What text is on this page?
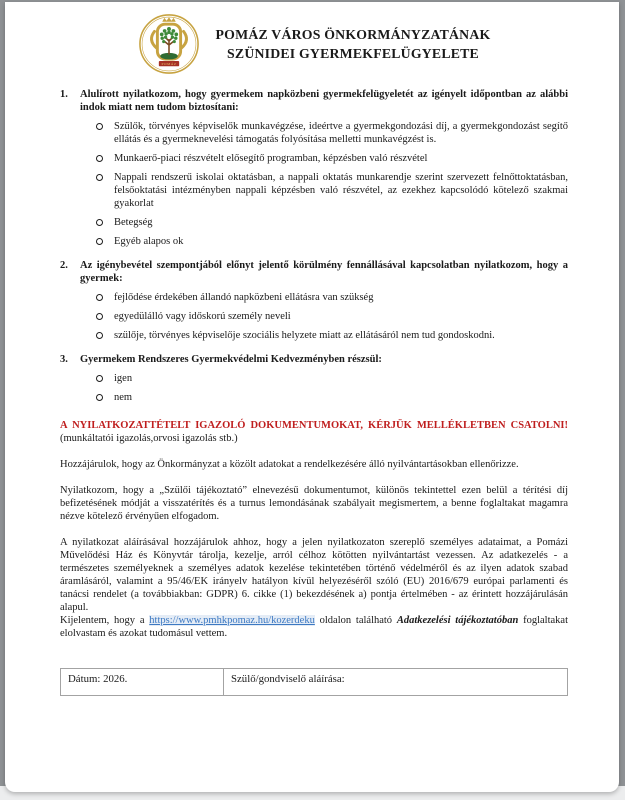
POMÁZ
POMÁZ VÁROS ÖNKORMÁNYZATÁNAK
SZÜNIDEI GYERMEKFELÜGYELETE
1.	Alulírott nyilatkozom, hogy gyermekem napközbeni gyermekfelügyeletét az igényelt időpontban az alábbi indok miatt nem tudom biztosítani:
Szülők, törvényes képviselők munkavégzése, ideértve a gyermekgondozási díj, a gyermekgondozást segítő ellátás és a gyermeknevelési támogatás folyósítása melletti munkavégzést is.
Munkaerő-piaci részvételt elősegítő programban, képzésben való részvétel
Nappali rendszerű iskolai oktatásban, a nappali oktatás munkarendje szerint szervezett felnőttoktatásban, felsőoktatási intézményben nappali képzésben való részvétel, az ezekhez kapcsolódó kötelező szakmai gyakorlat
Betegség
Egyéb alapos ok
2.	Az igénybevétel szempontjából előnyt jelentő körülmény fennállásával kapcsolatban nyilatkozom, hogy a gyermek:
fejlődése érdekében állandó napközbeni ellátásra van szükség
egyedülálló vagy időskorú személy neveli
szülője, törvényes képviselője szociális helyzete miatt az ellátásáról nem tud gondoskodni.
3.	Gyermekem Rendszeres Gyermekvédelmi Kedvezményben részsül:
igen
nem

A NYILATKOZATTÉTELT IGAZOLÓ DOKUMENTUMOKAT, KÉRJÜK MELLÉKLETBEN CSATOLNI! (munkáltatói igazolás,orvosi igazolás stb.)

Hozzájárulok, hogy az Önkormányzat a közölt adatokat a rendelkezésére álló nyilvántartásokban ellenőrizze.

Nyilatkozom, hogy a „Szülői tájékoztató” elnevezésű dokumentumot, különös tekintettel ezen belül a térítési díj befizetésének módját a visszatérítés és a turnus lemondásának szabályait megismertem, a benne foglaltakat magamra nézve kötelező érvényűen elfogadom.

A nyilatkozat aláírásával hozzájárulok ahhoz, hogy a jelen nyilatkozaton szereplő személyes adataimat, a Pomázi Művelődési Ház és Könyvtár tárolja, kezelje, arról célhoz kötötten nyilvántartást vezessen. Az adatkezelés - a természetes személyeknek a személyes adatok kezelése tekintetében történő védelméről és az ilyen adatok szabad áramlásáról, valamint a 95/46/EK irányelv hatályon kívül helyezéséről szóló (EU) 2016/679 európai parlamenti és tanácsi rendelet (a továbbiakban: GDPR) 6. cikke (1) bekezdésének a) pontja értelmében - az érintett hozzájárulásán alapul.

Kijelentem, hogy a https://www.pmhkpomaz.hu/kozerdeku oldalon található Adatkezelési tájékoztatóban foglaltakat elolvastam és azokat tudomásul vettem.

Dátum: 2026.	Szülő/gondviselő aláírása:
